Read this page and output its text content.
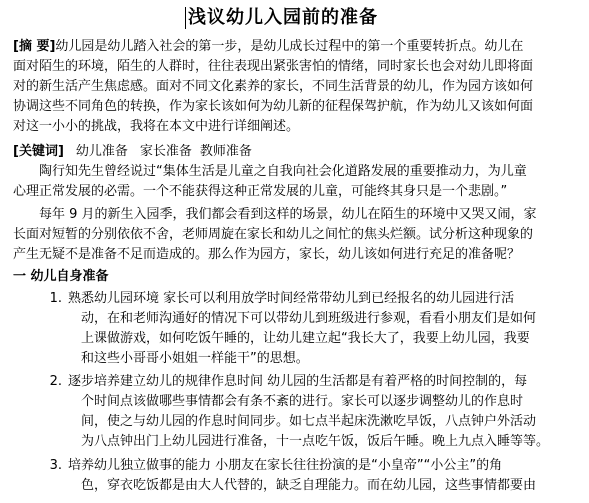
浅议幼儿入园前的准备
[摘 要]幼儿园是幼儿踏入社会的第一步，是幼儿成长过程中的第一个重要转折点。幼儿在
面对陌生的环境，陌生的人群时，往往表现出紧张害怕的情绪，同时家长也会对幼儿即将面
对的新生活产生焦虑感。面对不同文化素养的家长，不同生活背景的幼儿，作为园方该如何
协调这些不同角色的转换，作为家长该如何为幼儿新的征程保驾护航，作为幼儿又该如何面
对这一小小的挑战，我将在本文中进行详细阐述。
[关键词] 幼儿准备 家长准备 教师准备
陶行知先生曾经说过“集体生活是儿童之自我向社会化道路发展的重要推动力，为儿童
心理正常发展的必需。一个不能获得这种正常发展的儿童，可能终其身只是一个悲剧。”
每年 9 月的新生入园季，我们都会看到这样的场景，幼儿在陌生的环境中又哭又闹，家
长面对短暂的分别依依不舍，老师周旋在家长和幼儿之间忙的焦头烂额。试分析这种现象的
产生无疑不是准备不足而造成的。那么作为园方，家长，幼儿该如何进行充足的准备呢？
一 幼儿自身准备
1. 熟悉幼儿园环境 家长可以利用放学时间经常带幼儿到已经报名的幼儿园进行活
动，在和老师沟通好的情况下可以带幼儿到班级进行参观，看看小朋友们是如何
上课做游戏，如何吃饭午睡的，让幼儿建立起“我长大了，我要上幼儿园，我要
和这些小哥哥小姐姐一样能干”的思想。
2. 逐步培养建立幼儿的规律作息时间 幼儿园的生活都是有着严格的时间控制的，每
个时间点该做哪些事情都会有条不紊的进行。家长可以逐步调整幼儿的作息时
间，使之与幼儿园的作息时间同步。如七点半起床洗漱吃早饭，八点钟户外活动
为八点钟出门上幼儿园进行准备，十一点吃午饭，饭后午睡。晚上九点入睡等等。
3. 培养幼儿独立做事的能力 小朋友在家长往往扮演的是“小皇帝”“小公主”的角
色，穿衣吃饭都是由大人代替的，缺乏自理能力。而在幼儿园，这些事情都要由
